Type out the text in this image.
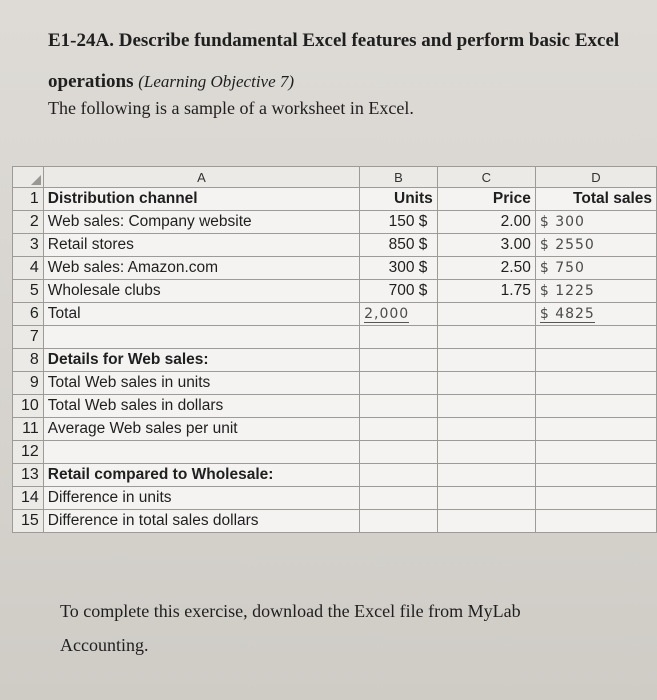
E1-24A. Describe fundamental Excel features and perform basic Excel operations (Learning Objective 7)
The following is a sample of a worksheet in Excel.
	A	B	C	D
1	Distribution channel	Units	Price	Total sales
2	Web sales: Company website	150 $	2.00	$ 300
3	Retail stores	850 $	3.00	$ 2550
4	Web sales: Amazon.com	300 $	2.50	$ 750
5	Wholesale clubs	700 $	1.75	$ 1225
6	Total	2,000		$ 4825
7				
8	Details for Web sales:			
9	Total Web sales in units			
10	Total Web sales in dollars			
11	Average Web sales per unit			
12				
13	Retail compared to Wholesale:			
14	Difference in units			
15	Difference in total sales dollars			
To complete this exercise, download the Excel file from MyLab Accounting.
